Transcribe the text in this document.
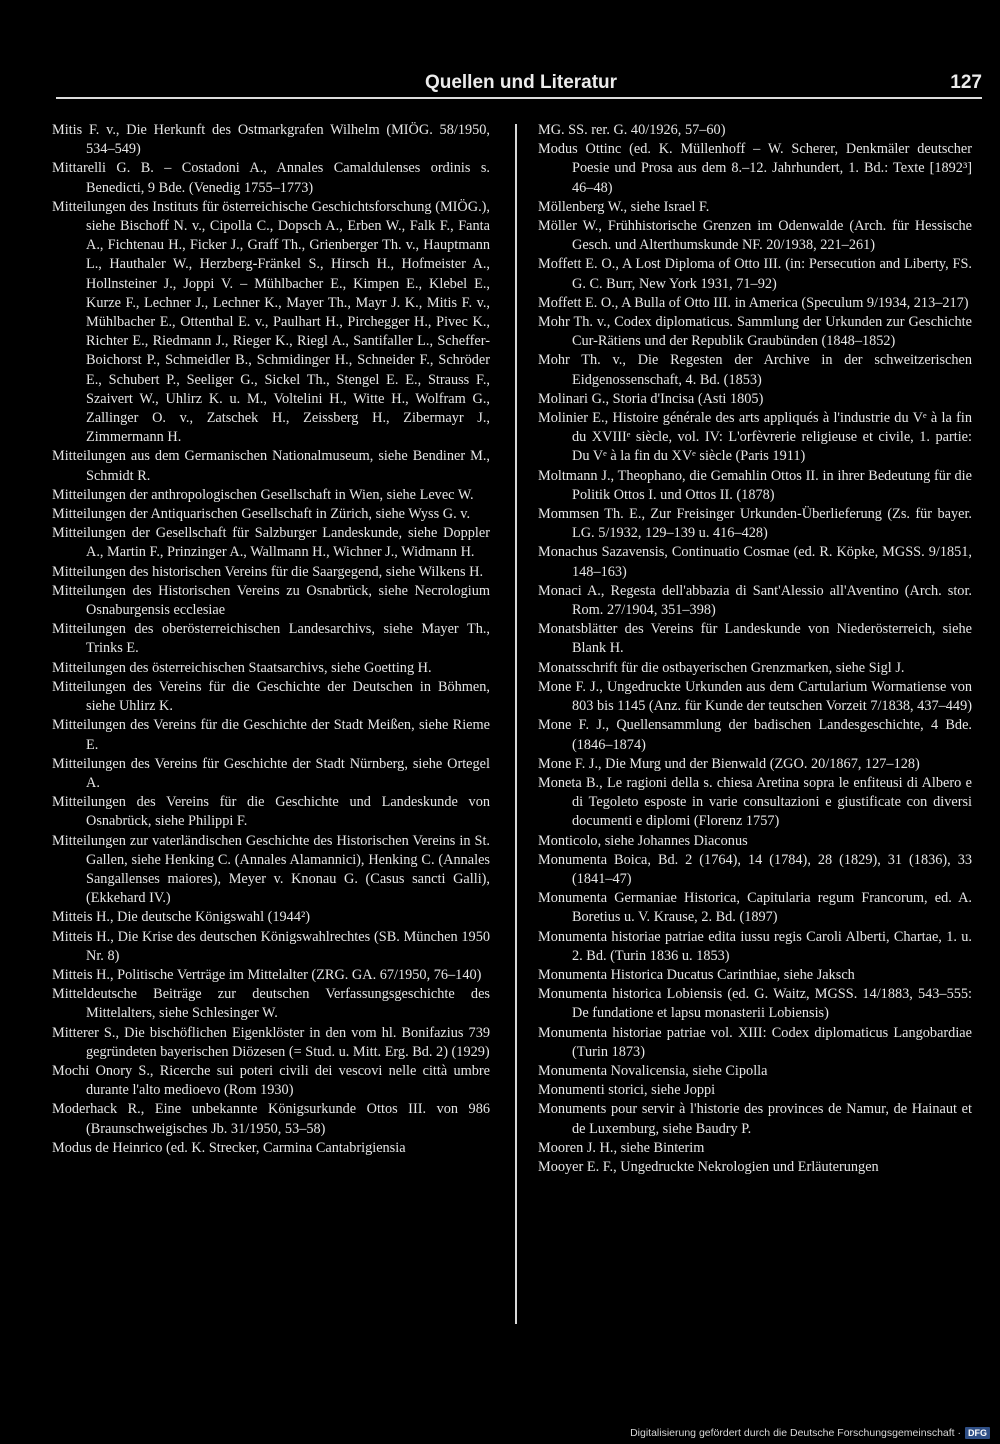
Quellen und Literatur	127

Mitis F. v., Die Herkunft des Ostmarkgrafen Wilhelm (MIÖG. 58/1950, 534–549)

Mittarelli G. B. – Costadoni A., Annales Camaldulenses ordinis s. Benedicti, 9 Bde. (Venedig 1755–1773)

Mitteilungen des Instituts für österreichische Geschichtsforschung (MIÖG.), siehe Bischoff N. v., Cipolla C., Dopsch A., Erben W., Falk F., Fanta A., Fichtenau H., Ficker J., Graff Th., Grienberger Th. v., Hauptmann L., Hauthaler W., Herzberg-Fränkel S., Hirsch H., Hofmeister A., Hollnsteiner J., Joppi V. – Mühlbacher E., Kimpen E., Klebel E., Kurze F., Lechner J., Lechner K., Mayer Th., Mayr J. K., Mitis F. v., Mühlbacher E., Ottenthal E. v., Paulhart H., Pirchegger H., Pivec K., Richter E., Riedmann J., Rieger K., Riegl A., Santifaller L., Scheffer-Boichorst P., Schmeidler B., Schmidinger H., Schneider F., Schröder E., Schubert P., Seeliger G., Sickel Th., Stengel E. E., Strauss F., Szaivert W., Uhlirz K. u. M., Voltelini H., Witte H., Wolfram G., Zallinger O. v., Zatschek H., Zeissberg H., Zibermayr J., Zimmermann H.

Mitteilungen aus dem Germanischen Nationalmuseum, siehe Bendiner M., Schmidt R.

Mitteilungen der anthropologischen Gesellschaft in Wien, siehe Levec W.

Mitteilungen der Antiquarischen Gesellschaft in Zürich, siehe Wyss G. v.

Mitteilungen der Gesellschaft für Salzburger Landeskunde, siehe Doppler A., Martin F., Prinzinger A., Wallmann H., Wichner J., Widmann H.

Mitteilungen des historischen Vereins für die Saargegend, siehe Wilkens H.

Mitteilungen des Historischen Vereins zu Osnabrück, siehe Necrologium Osnaburgensis ecclesiae

Mitteilungen des oberösterreichischen Landesarchivs, siehe Mayer Th., Trinks E.

Mitteilungen des österreichischen Staatsarchivs, siehe Goetting H.

Mitteilungen des Vereins für die Geschichte der Deutschen in Böhmen, siehe Uhlirz K.

Mitteilungen des Vereins für die Geschichte der Stadt Meißen, siehe Rieme E.

Mitteilungen des Vereins für Geschichte der Stadt Nürnberg, siehe Ortegel A.

Mitteilungen des Vereins für die Geschichte und Landeskunde von Osnabrück, siehe Philippi F.

Mitteilungen zur vaterländischen Geschichte des Historischen Vereins in St. Gallen, siehe Henking C. (Annales Alamannici), Henking C. (Annales Sangallenses maiores), Meyer v. Knonau G. (Casus sancti Galli), (Ekkehard IV.)

Mitteis H., Die deutsche Königswahl (1944²)

Mitteis H., Die Krise des deutschen Königswahlrechtes (SB. München 1950 Nr. 8)

Mitteis H., Politische Verträge im Mittelalter (ZRG. GA. 67/1950, 76–140)

Mitteldeutsche Beiträge zur deutschen Verfassungsgeschichte des Mittelalters, siehe Schlesinger W.

Mitterer S., Die bischöflichen Eigenklöster in den vom hl. Bonifazius 739 gegründeten bayerischen Diözesen (= Stud. u. Mitt. Erg. Bd. 2) (1929)

Mochi Onory S., Ricerche sui poteri civili dei vescovi nelle città umbre durante l'alto medioevo (Rom 1930)

Moderhack R., Eine unbekannte Königsurkunde Ottos III. von 986 (Braunschweigisches Jb. 31/1950, 53–58)

Modus de Heinrico (ed. K. Strecker, Carmina Cantabrigiensia

MG. SS. rer. G. 40/1926, 57–60)

Modus Ottinc (ed. K. Müllenhoff – W. Scherer, Denkmäler deutscher Poesie und Prosa aus dem 8.–12. Jahrhundert, 1. Bd.: Texte [1892³] 46–48)

Möllenberg W., siehe Israel F.

Möller W., Frühhistorische Grenzen im Odenwalde (Arch. für Hessische Gesch. und Alterthumskunde NF. 20/1938, 221–261)

Moffett E. O., A Lost Diploma of Otto III. (in: Persecution and Liberty, FS. G. C. Burr, New York 1931, 71–92)

Moffett E. O., A Bulla of Otto III. in America (Speculum 9/1934, 213–217)

Mohr Th. v., Codex diplomaticus. Sammlung der Urkunden zur Geschichte Cur-Rätiens und der Republik Graubünden (1848–1852)

Mohr Th. v., Die Regesten der Archive in der schweitzerischen Eidgenossenschaft, 4. Bd. (1853)

Molinari G., Storia d'Incisa (Asti 1805)

Molinier E., Histoire générale des arts appliqués à l'industrie du Vᵉ à la fin du XVIIIᵉ siècle, vol. IV: L'orfèvrerie religieuse et civile, 1. partie: Du Vᵉ à la fin du XVᵉ siècle (Paris 1911)

Moltmann J., Theophano, die Gemahlin Ottos II. in ihrer Bedeutung für die Politik Ottos I. und Ottos II. (1878)

Mommsen Th. E., Zur Freisinger Urkunden-Überlieferung (Zs. für bayer. LG. 5/1932, 129–139 u. 416–428)

Monachus Sazavensis, Continuatio Cosmae (ed. R. Köpke, MGSS. 9/1851, 148–163)

Monaci A., Regesta dell'abbazia di Sant'Alessio all'Aventino (Arch. stor. Rom. 27/1904, 351–398)

Monatsblätter des Vereins für Landeskunde von Niederösterreich, siehe Blank H.

Monatsschrift für die ostbayerischen Grenzmarken, siehe Sigl J.

Mone F. J., Ungedruckte Urkunden aus dem Cartularium Wormatiense von 803 bis 1145 (Anz. für Kunde der teutschen Vorzeit 7/1838, 437–449)

Mone F. J., Quellensammlung der badischen Landesgeschichte, 4 Bde. (1846–1874)

Mone F. J., Die Murg und der Bienwald (ZGO. 20/1867, 127–128)

Moneta B., Le ragioni della s. chiesa Aretina sopra le enfiteusi di Albero e di Tegoleto esposte in varie consultazioni e giustificate con diversi documenti e diplomi (Florenz 1757)

Monticolo, siehe Johannes Diaconus

Monumenta Boica, Bd. 2 (1764), 14 (1784), 28 (1829), 31 (1836), 33 (1841–47)

Monumenta Germaniae Historica, Capitularia regum Francorum, ed. A. Boretius u. V. Krause, 2. Bd. (1897)

Monumenta historiae patriae edita iussu regis Caroli Alberti, Chartae, 1. u. 2. Bd. (Turin 1836 u. 1853)

Monumenta Historica Ducatus Carinthiae, siehe Jaksch

Monumenta historica Lobiensis (ed. G. Waitz, MGSS. 14/1883, 543–555: De fundatione et lapsu monasterii Lobiensis)

Monumenta historiae patriae vol. XIII: Codex diplomaticus Langobardiae (Turin 1873)

Monumenta Novalicensia, siehe Cipolla

Monumenti storici, siehe Joppi

Monuments pour servir à l'historie des provinces de Namur, de Hainaut et de Luxemburg, siehe Baudry P.

Mooren J. H., siehe Binterim

Mooyer E. F., Ungedruckte Nekrologien und Erläuterungen

Digitalisierung gefördert durch die Deutsche Forschungsgemeinschaft · DFG
